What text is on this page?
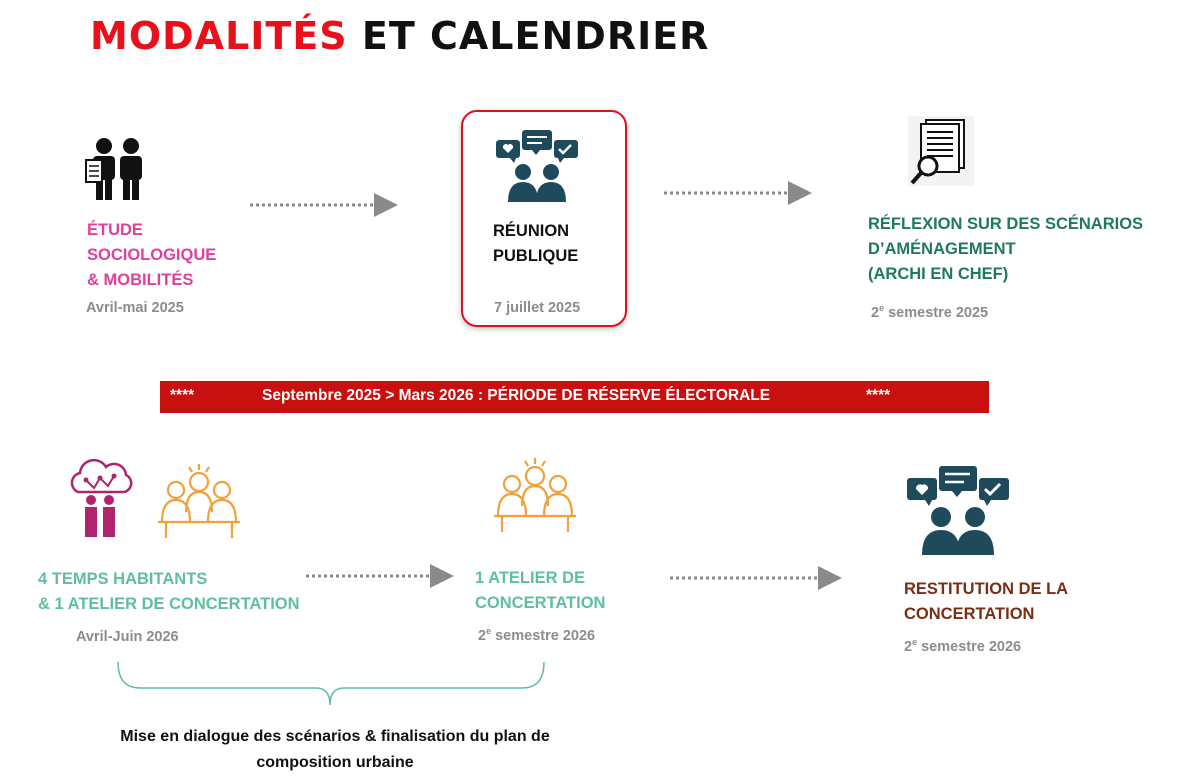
MODALITÉS ET CALENDRIER
ÉTUDE
SOCIOLOGIQUE
& MOBILITÉS
Avril-mai 2025
RÉUNION
PUBLIQUE
7 juillet 2025
RÉFLEXION SUR DES SCÉNARIOS
D’AMÉNAGEMENT
(ARCHI EN CHEF)
2e semestre 2025
****	Septembre 2025 > Mars 2026 : PÉRIODE DE RÉSERVE ÉLECTORALE	****
4 TEMPS HABITANTS
& 1 ATELIER DE CONCERTATION
Avril-Juin 2026
1 ATELIER DE
CONCERTATION
2e semestre 2026
RESTITUTION DE LA
CONCERTATION
2e semestre 2026
Mise en dialogue des scénarios & finalisation du plan de
composition urbaine
